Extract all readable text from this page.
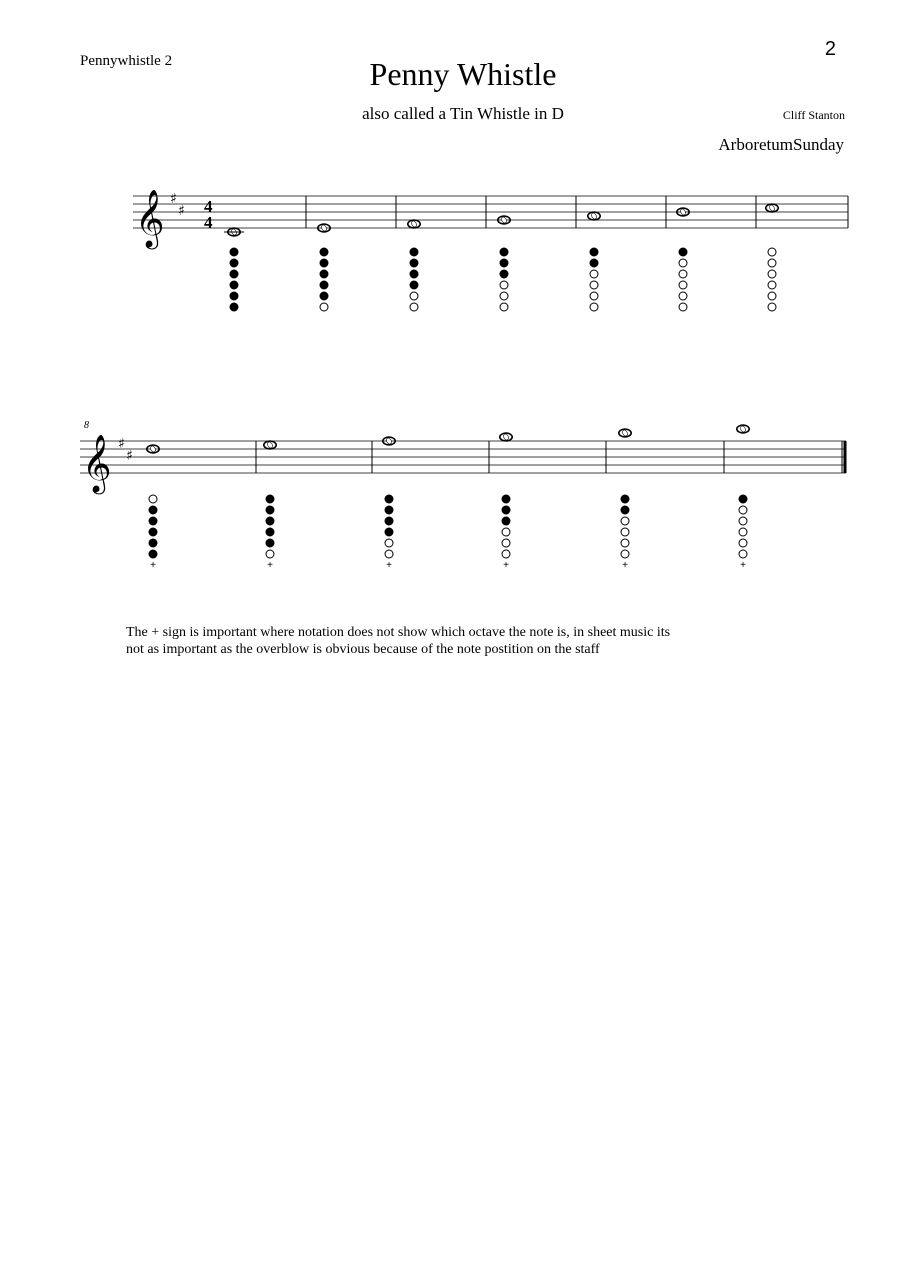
Pennywhistle 2
2
Penny Whistle
also called a Tin Whistle in D	Cliff Stanton
ArboretumSunday
𝄞 ♯
♯ 4
4
8
𝄞 ♯
♯
+	+	+	+	+	+
The + sign is important where notation does not show which octave the note is, in sheet music its
not as important as the overblow is obvious because of the note postition on the staff
